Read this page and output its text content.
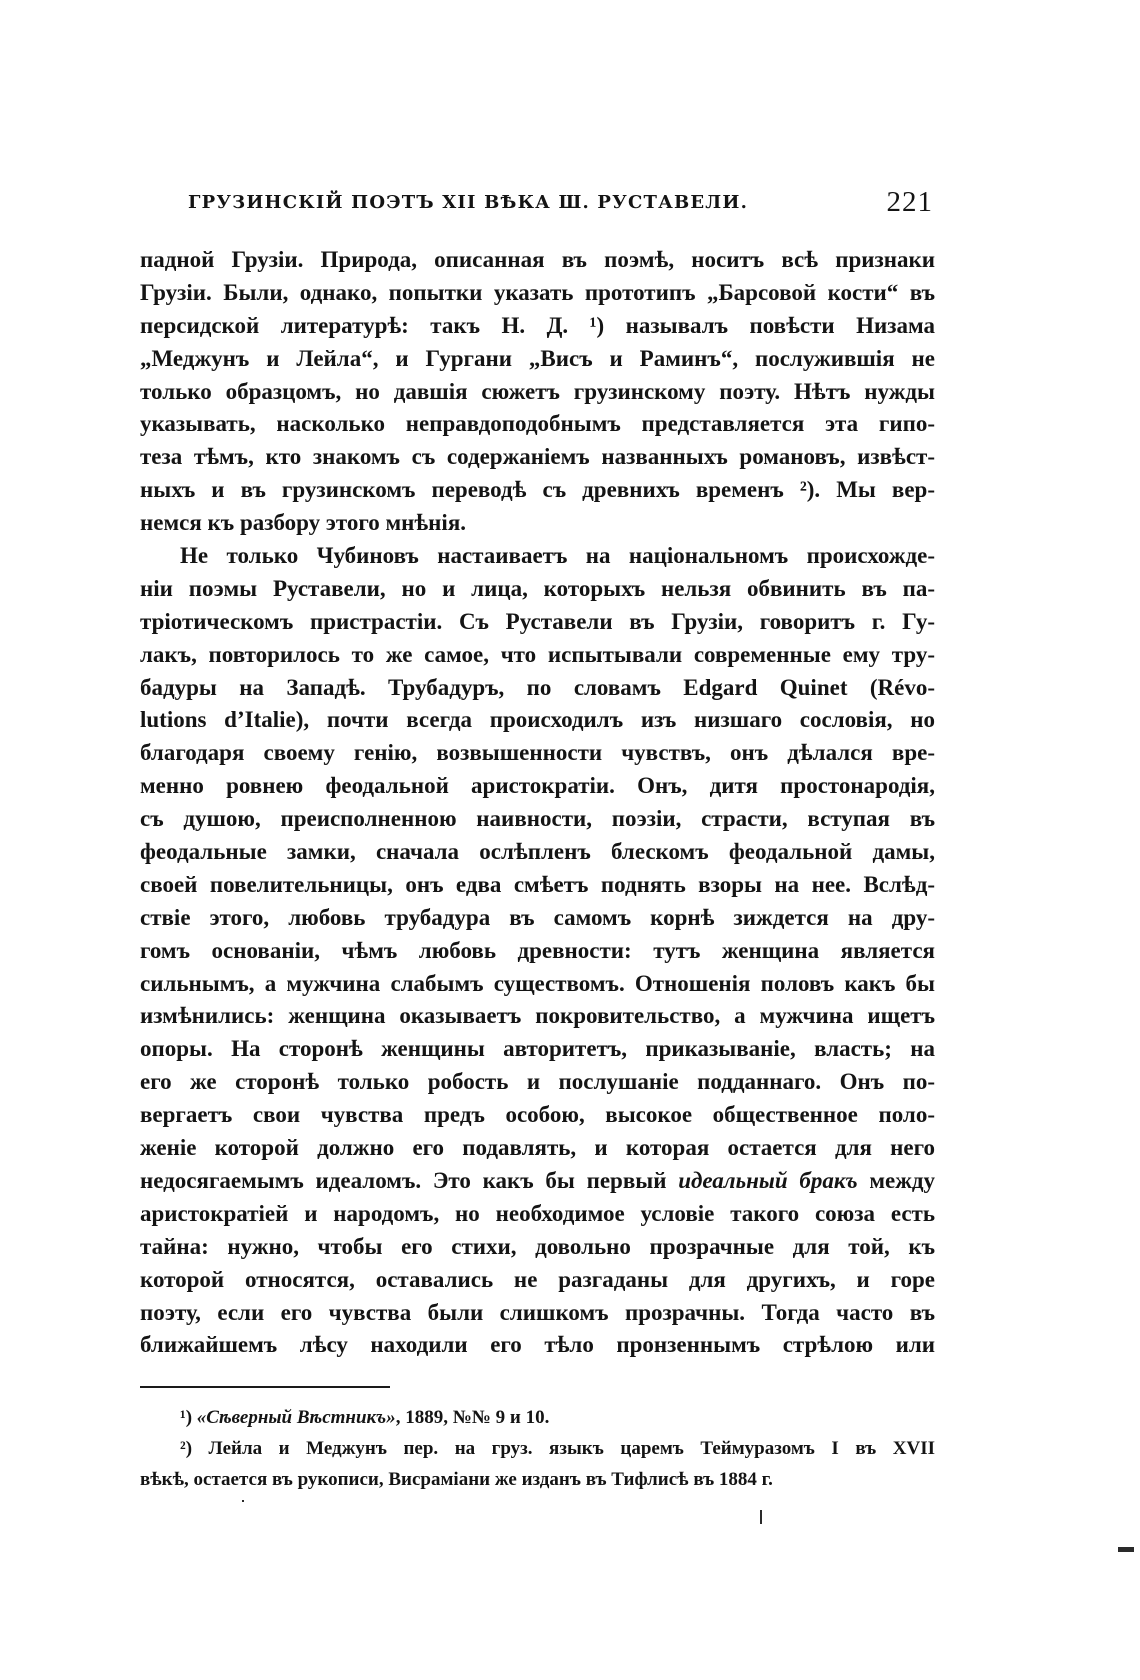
ГРУЗИНСКІЙ ПОЭТЪ XII ВѢКА Ш. РУСТАВЕЛИ.	221
падной Грузіи. Природа, описанная въ поэмѣ, носитъ всѣ признаки
Грузіи. Были, однако, попытки указать прототипъ „Барсовой кости“ въ
персидской литературѣ: такъ Н. Д. ¹) называлъ повѣсти Низама
„Меджунъ и Лейла“, и Гургани „Висъ и Раминъ“, послужившія не
только образцомъ, но давшія сюжетъ грузинскому поэту. Нѣтъ нужды
указывать, насколько неправдоподобнымъ представляется эта гипо-
теза тѣмъ, кто знакомъ съ содержаніемъ названныхъ романовъ, извѣст-
ныхъ и въ грузинскомъ переводѣ съ древнихъ временъ ²). Мы вер-
немся къ разбору этого мнѣнія.
Не только Чубиновъ настаиваетъ на національномъ происхожде-
ніи поэмы Руставели, но и лица, которыхъ нельзя обвинить въ па-
тріотическомъ пристрастіи. Съ Руставели въ Грузіи, говоритъ г. Гу-
лакъ, повторилось то же самое, что испытывали современные ему тру-
бадуры на Западѣ. Трубадуръ, по словамъ Edgard Quinet (Révo-
lutions d’Italie), почти всегда происходилъ изъ низшаго сословія, но
благодаря своему генію, возвышенности чувствъ, онъ дѣлался вре-
менно ровнею феодальной аристократіи. Онъ, дитя простонародія,
съ душою, преисполненною наивности, поэзіи, страсти, вступая въ
феодальные замки, сначала ослѣпленъ блескомъ феодальной дамы,
своей повелительницы, онъ едва смѣетъ поднять взоры на нее. Вслѣд-
ствіе этого, любовь трубадура въ самомъ корнѣ зиждется на дру-
гомъ основаніи, чѣмъ любовь древности: тутъ женщина является
сильнымъ, а мужчина слабымъ существомъ. Отношенія половъ какъ бы
измѣнились: женщина оказываетъ покровительство, а мужчина ищетъ
опоры. На сторонѣ женщины авторитетъ, приказываніе, власть; на
его же сторонѣ только робость и послушаніе подданнаго. Онъ по-
вергаетъ свои чувства предъ особою, высокое общественное поло-
женіе которой должно его подавлять, и которая остается для него
недосягаемымъ идеаломъ. Это какъ бы первый идеальный бракъ между
аристократіей и народомъ, но необходимое условіе такого союза есть
тайна: нужно, чтобы его стихи, довольно прозрачные для той, къ
которой относятся, оставались не разгаданы для другихъ, и горе
поэту, если его чувства были слишкомъ прозрачны. Тогда часто въ
ближайшемъ лѣсу находили его тѣло пронзеннымъ стрѣлою или
¹) «Сѣверный Вѣстникъ», 1889, №№ 9 и 10.
²) Лейла и Меджунъ пер. на груз. языкъ царемъ Теймуразомъ I въ XVII
вѣкѣ, остается въ рукописи, Висраміани же изданъ въ Тифлисѣ въ 1884 г.
